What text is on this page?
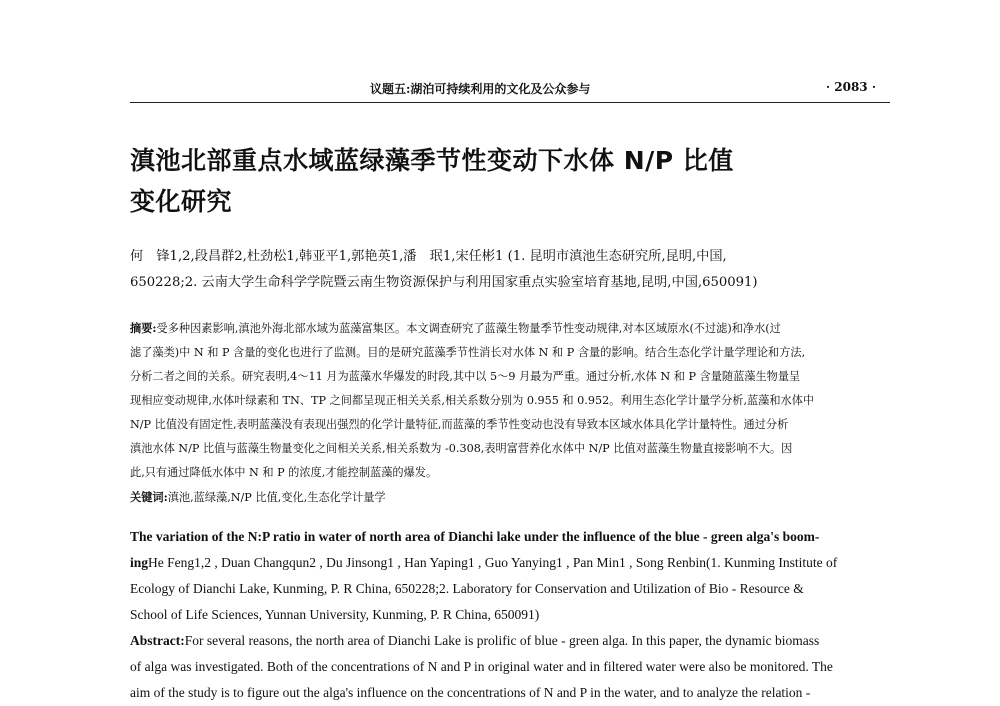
议题五:湖泊可持续利用的文化及公众参与	· 2083 ·
滇池北部重点水域蓝绿藻季节性变动下水体 N/P 比值
变化研究
何　锋1,2,段昌群2,杜劲松1,韩亚平1,郭艳英1,潘　珉1,宋任彬1 (1. 昆明市滇池生态研究所,昆明,中国,
650228;2. 云南大学生命科学学院暨云南生物资源保护与利用国家重点实验室培育基地,昆明,中国,650091)
摘要:受多种因素影响,滇池外海北部水域为蓝藻富集区。本文调查研究了蓝藻生物量季节性变动规律,对本区域原水(不过滤)和净水(过
滤了藻类)中 N 和 P 含量的变化也进行了监测。目的是研究蓝藻季节性消长对水体 N 和 P 含量的影响。结合生态化学计量学理论和方法,
分析二者之间的关系。研究表明,4～11 月为蓝藻水华爆发的时段,其中以 5～9 月最为严重。通过分析,水体 N 和 P 含量随蓝藻生物量呈
现相应变动规律,水体叶绿素和 TN、TP 之间都呈现正相关关系,相关系数分别为 0.955 和 0.952。利用生态化学计量学分析,蓝藻和水体中
N/P 比值没有固定性,表明蓝藻没有表现出强烈的化学计量特征,而蓝藻的季节性变动也没有导致本区域水体具化学计量特性。通过分析
滇池水体 N/P 比值与蓝藻生物量变化之间相关关系,相关系数为 -0.308,表明富营养化水体中 N/P 比值对蓝藻生物量直接影响不大。因
此,只有通过降低水体中 N 和 P 的浓度,才能控制蓝藻的爆发。
关键词:滇池,蓝绿藻,N/P 比值,变化,生态化学计量学
The variation of the N:P ratio in water of north area of Dianchi lake under the influence of the blue - green alga's boom-
ingHe Feng1,2 , Duan Changqun2 , Du Jinsong1 , Han Yaping1 , Guo Yanying1 , Pan Min1 , Song Renbin(1. Kunming Institute of
Ecology of Dianchi Lake, Kunming, P. R China, 650228;2. Laboratory for Conservation and Utilization of Bio - Resource &
School of Life Sciences, Yunnan University, Kunming, P. R China, 650091)
Abstract:For several reasons, the north area of Dianchi Lake is prolific of blue - green alga. In this paper, the dynamic biomass
of alga was investigated. Both of the concentrations of N and P in original water and in filtered water were also be monitored. The
aim of the study is to figure out the alga's influence on the concentrations of N and P in the water, and to analyze the relation -
